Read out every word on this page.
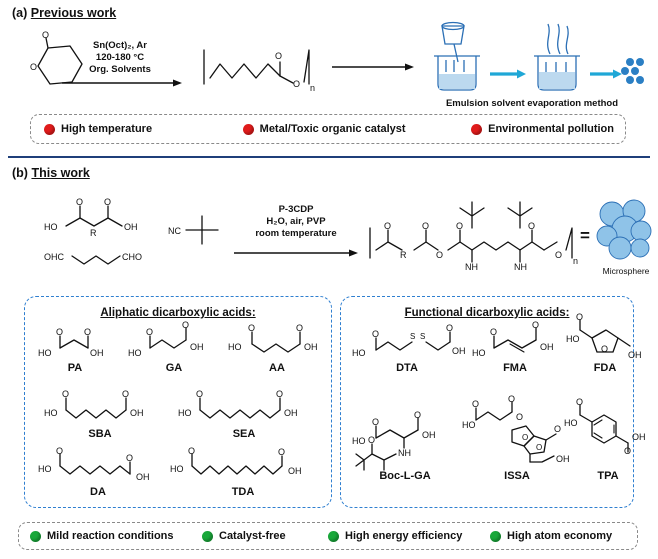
(a) Previous work
O
O
Sn(Oct)₂, Ar
120-180 °C
Org. Solvents
O
O n
Emulsion solvent evaporation method
High temperature	Metal/Toxic organic catalyst	Environmental pollution
(b) This work
O O
HO	OH
R
OHC	CHO
NC
P-3CDP
H₂O, air, PVP
room temperature
O
R
O
O
O	O
NH	NH
O
n
=
Microsphere
Aliphatic dicarboxylic acids:	Functional dicarboxylic acids:
O O
HO	OH
PA
O
O
HO
OH
GA
O	O
HO	OH
AA
O	O
HO	OH
SBA
O	O
HO	OH
SEA
O
O
HO
OH
DA
O	O
HO	OH
TDA
O
HO
S S
O
OH
DTA
O
O
HO
OH
FMA
O
O
HO
OH
FDA
O
O
HO
OH
NH
O
Boc-L-GA
O	O
HO
O
O
O
O
OH
ISSA
O
HO
O
OH
TPA
Mild reaction conditions	Catalyst-free	High energy efficiency	High atom economy
